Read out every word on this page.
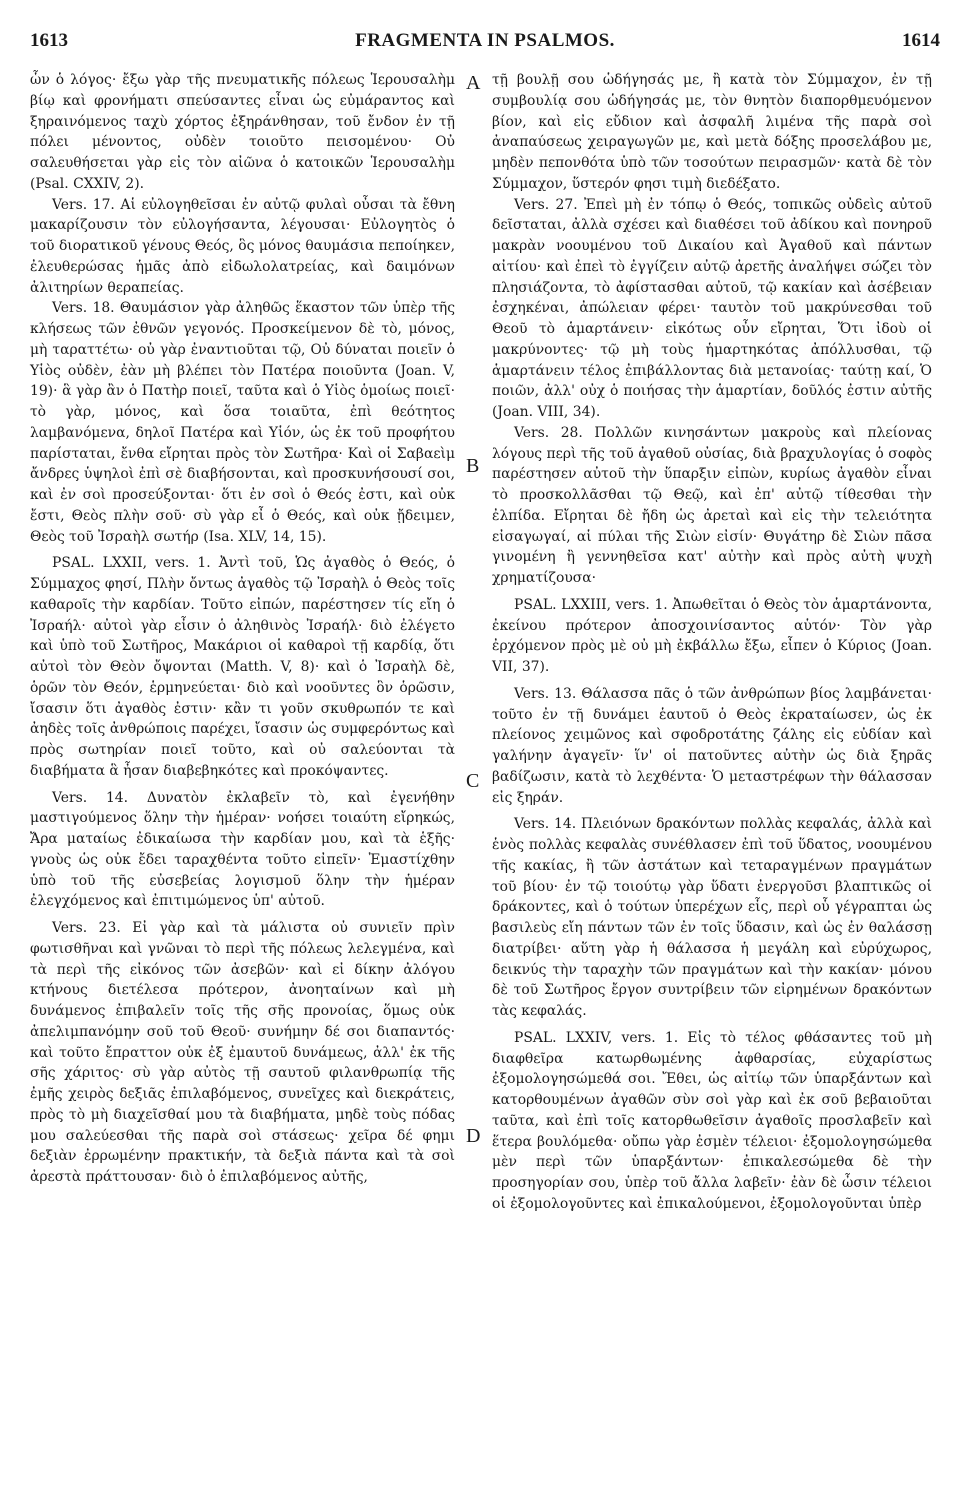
1613	FRAGMENTA IN PSALMOS.	1614
A
B
C
D

ὧν ὁ λόγος· ἔξω γὰρ τῆς πνευματικῆς πόλεως Ἱερουσαλὴμ βίῳ καὶ φρονήματι σπεύσαντες εἶναι ὡς εὐμάραντος καὶ ξηραινόμενος ταχὺ χόρτος ἐξηράνθησαν, τοῦ ἔνδον ἐν τῇ πόλει μένοντος, οὐδὲν τοιοῦτο πεισομένου· Οὐ σαλευθήσεται γὰρ εἰς τὸν αἰῶνα ὁ κατοικῶν Ἱερουσαλὴμ (Psal. CXXIV, 2).

Vers. 17. Αἱ εὐλογηθεῖσαι ἐν αὐτῷ φυλαὶ οὖσαι τὰ ἔθνη μακαρίζουσιν τὸν εὐλογήσαντα, λέγουσαι· Εὐλογητὸς ὁ τοῦ διορατικοῦ γένους Θεός, ὃς μόνος θαυμάσια πεποίηκεν, ἐλευθερώσας ἡμᾶς ἀπὸ εἰδωλολατρείας, καὶ δαιμόνων ἀλιτηρίων θεραπείας.

Vers. 18. Θαυμάσιον γὰρ ἀληθῶς ἕκαστον τῶν ὑπὲρ τῆς κλήσεως τῶν ἐθνῶν γεγονός. Προσκείμενον δὲ τὸ, μόνος, μὴ ταραττέτω· οὐ γὰρ ἐναντιοῦται τῷ, Οὐ δύναται ποιεῖν ὁ Υἱὸς οὐδὲν, ἐὰν μὴ βλέπει τὸν Πατέρα ποιοῦντα (Joan. V, 19)· ἃ γὰρ ἂν ὁ Πατὴρ ποιεῖ, ταῦτα καὶ ὁ Υἱὸς ὁμοίως ποιεῖ· τὸ γὰρ, μόνος, καὶ ὅσα τοιαῦτα, ἐπὶ θεότητος λαμβανόμενα, δηλοῖ Πατέρα καὶ Υἱόν, ὡς ἐκ τοῦ προφήτου παρίσταται, ἔνθα εἴρηται πρὸς τὸν Σωτῆρα· Καὶ οἱ Σαβαεὶμ ἄνδρες ὑψηλοὶ ἐπὶ σὲ διαβήσονται, καὶ προσκυνήσουσί σοι, καὶ ἐν σοὶ προσεύξονται· ὅτι ἐν σοὶ ὁ Θεός ἐστι, καὶ οὐκ ἔστι, Θεὸς πλὴν σοῦ· σὺ γὰρ εἶ ὁ Θεός, καὶ οὐκ ᾔδειμεν, Θεὸς τοῦ Ἰσραὴλ σωτήρ (Isa. XLV, 14, 15).

PSAL. LXXII, vers. 1. Ἀντὶ τοῦ, Ὡς ἀγαθὸς ὁ Θεός, ὁ Σύμμαχος φησί, Πλὴν ὄντως ἀγαθὸς τῷ Ἰσραὴλ ὁ Θεὸς τοῖς καθαροῖς τὴν καρδίαν. Τοῦτο εἰπών, παρέστησεν τίς εἴη ὁ Ἰσραήλ· αὐτοὶ γὰρ εἶσιν ὁ ἀληθινὸς Ἰσραήλ· διὸ ἐλέγετο καὶ ὑπὸ τοῦ Σωτῆρος, Μακάριοι οἱ καθαροὶ τῇ καρδίᾳ, ὅτι αὐτοὶ τὸν Θεὸν ὄψονται (Matth. V, 8)· καὶ ὁ Ἰσραὴλ δὲ, ὁρῶν τὸν Θεόν, ἑρμηνεύεται· διὸ καὶ νοοῦντες ὃν ὁρῶσιν, ἴσασιν ὅτι ἀγαθὸς ἐστιν· κἂν τι γοῦν σκυθρωπόν τε καὶ ἀηδὲς τοῖς ἀνθρώποις παρέχει, ἴσασιν ὡς συμφερόντως καὶ πρὸς σωτηρίαν ποιεῖ τοῦτο, καὶ οὐ σαλεύονται τὰ διαβήματα ἃ ἦσαν διαβεβηκότες καὶ προκόψαντες.

Vers. 14. Δυνατὸν ἐκλαβεῖν τὸ, καὶ ἐγενήθην μαστιγούμενος ὅλην τὴν ἡμέραν· νοήσει τοιαύτη εἴρηκώς, Ἄρα ματαίως ἐδικαίωσα τὴν καρδίαν μου, καὶ τὰ ἑξῆς· γνοὺς ὡς οὐκ ἔδει ταραχθέντα τοῦτο εἰπεῖν· Ἐμαστίχθην ὑπὸ τοῦ τῆς εὐσεβείας λογισμοῦ ὅλην τὴν ἡμέραν ἐλεγχόμενος καὶ ἐπιτιμώμενος ὑπ' αὐτοῦ.

Vers. 23. Εἰ γὰρ καὶ τὰ μάλιστα οὐ συνιεῖν πρὶν φωτισθῆναι καὶ γνῶναι τὸ περὶ τῆς πόλεως λελεγμένα, καὶ τὰ περὶ τῆς εἰκόνος τῶν ἀσεβῶν· καὶ εἰ δίκην ἀλόγου κτήνους διετέλεσα πρότερον, ἀνοηταίνων καὶ μὴ δυνάμενος ἐπιβαλεῖν τοῖς τῆς σῆς προνοίας, ὅμως οὐκ ἀπελιμπανόμην σοῦ τοῦ Θεοῦ· συνήμην δέ σοι διαπαντός· καὶ τοῦτο ἔπραττον οὐκ ἐξ ἐμαυτοῦ δυνάμεως, ἀλλ' ἐκ τῆς σῆς χάριτος· σὺ γὰρ αὐτὸς τῇ σαυτοῦ φιλανθρωπίᾳ τῆς ἐμῆς χειρὸς δεξιᾶς ἐπιλαβόμενος, συνεῖχες καὶ διεκράτεις, πρὸς τὸ μὴ διαχεῖσθαί μου τὰ διαβήματα, μηδὲ τοὺς πόδας μου σαλεύεσθαι τῆς παρὰ σοὶ στάσεως· χεῖρα δέ φημι δεξιὰν ἐρρωμένην πρακτικήν, τὰ δεξιὰ πάντα καὶ τὰ σοὶ ἀρεστὰ πράττουσαν· διὸ ὁ ἐπιλαβόμενος αὐτῆς,

τῇ βουλῇ σου ὡδήγησάς με, ἢ κατὰ τὸν Σύμμαχον, ἐν τῇ συμβουλίᾳ σου ὡδήγησάς με, τὸν θνητὸν διαπορθμευόμενον βίον, καὶ εἰς εὔδιον καὶ ἀσφαλῆ λιμένα τῆς παρὰ σοὶ ἀναπαύσεως χειραγωγῶν με, καὶ μετὰ δόξης προσελάβου με, μηδὲν πεπονθότα ὑπὸ τῶν τοσούτων πειρασμῶν· κατὰ δὲ τὸν Σύμμαχον, ὕστερόν φησι τιμὴ διεδέξατο.

Vers. 27. Ἐπεὶ μὴ ἐν τόπῳ ὁ Θεός, τοπικῶς οὐδεὶς αὐτοῦ δεῖσταται, ἀλλὰ σχέσει καὶ διαθέσει τοῦ ἀδίκου καὶ πονηροῦ μακρὰν νοουμένου τοῦ Δικαίου καὶ Ἀγαθοῦ καὶ πάντων αἰτίου· καὶ ἐπεὶ τὸ ἐγγίζειν αὐτῷ ἀρετῆς ἀναλήψει σώζει τὸν πλησιάζοντα, τὸ ἀφίστασθαι αὐτοῦ, τῷ κακίαν καὶ ἀσέβειαν ἐσχηκέναι, ἀπώλειαν φέρει· ταυτὸν τοῦ μακρύνεσθαι τοῦ Θεοῦ τὸ ἁμαρτάνειν· εἰκότως οὖν εἴρηται, Ὅτι ἰδοὺ οἱ μακρύνοντες· τῷ μὴ τοὺς ἡμαρτηκότας ἀπόλλυσθαι, τῷ ἁμαρτάνειν τέλος ἐπιβάλλοντας διὰ μετανοίας· ταύτῃ καί, Ὁ ποιῶν, ἀλλ' οὐχ ὁ ποιήσας τὴν ἁμαρτίαν, δοῦλός ἐστιν αὐτῆς (Joan. VIII, 34).

Vers. 28. Πολλῶν κινησάντων μακροὺς καὶ πλείονας λόγους περὶ τῆς τοῦ ἀγαθοῦ οὐσίας, διὰ βραχυλογίας ὁ σοφὸς παρέστησεν αὐτοῦ τὴν ὕπαρξιν εἰπὼν, κυρίως ἀγαθὸν εἶναι τὸ προσκολλᾶσθαι τῷ Θεῷ, καὶ ἐπ' αὐτῷ τίθεσθαι τὴν ἐλπίδα. Εἴρηται δὲ ἤδη ὡς ἀρεταὶ καὶ εἰς τὴν τελειότητα εἰσαγωγαί, αἱ πύλαι τῆς Σιὼν εἰσίν· Θυγάτηρ δὲ Σιὼν πᾶσα γινομένη ἢ γεννηθεῖσα κατ' αὐτὴν καὶ πρὸς αὐτὴ ψυχὴ χρηματίζουσα·

PSAL. LXXIII, vers. 1. Ἀπωθεῖται ὁ Θεὸς τὸν ἁμαρτάνοντα, ἐκείνου πρότερον ἀποσχοινίσαντος αὑτόν· Τὸν γὰρ ἐρχόμενον πρὸς μὲ οὐ μὴ ἐκβάλλω ἔξω, εἶπεν ὁ Κύριος (Joan. VII, 37).

Vers. 13. Θάλασσα πᾶς ὁ τῶν ἀνθρώπων βίος λαμβάνεται· τοῦτο ἐν τῇ δυνάμει ἑαυτοῦ ὁ Θεὸς ἐκραταίωσεν, ὡς ἐκ πλείονος χειμῶνος καὶ σφοδροτάτης ζάλης εἰς εὐδίαν καὶ γαλήνην ἀγαγεῖν· ἵν' οἱ πατοῦντες αὐτὴν ὡς διὰ ξηρᾶς βαδίζωσιν, κατὰ τὸ λεχθέντα· Ὁ μεταστρέφων τὴν θάλασσαν εἰς ξηράν.

Vers. 14. Πλειόνων δρακόντων πολλὰς κεφαλάς, ἀλλὰ καὶ ἑνὸς πολλὰς κεφαλὰς συνέθλασεν ἐπὶ τοῦ ὕδατος, νοουμένου τῆς κακίας, ἢ τῶν ἀστάτων καὶ τεταραγμένων πραγμάτων τοῦ βίου· ἐν τῷ τοιούτῳ γὰρ ὕδατι ἐνεργοῦσι βλαπτικῶς οἱ δράκοντες, καὶ ὁ τούτων ὑπερέχων εἷς, περὶ οὗ γέγραπται ὡς βασιλεὺς εἴη πάντων τῶν ἐν τοῖς ὕδασιν, καὶ ὡς ἐν θαλάσσῃ διατρίβει· αὕτη γὰρ ἡ θάλασσα ἡ μεγάλη καὶ εὐρύχωρος, δεικνύς τὴν ταραχὴν τῶν πραγμάτων καὶ τὴν κακίαν· μόνου δὲ τοῦ Σωτῆρος ἔργον συντρίβειν τῶν εἰρημένων δρακόντων τὰς κεφαλάς.

PSAL. LXXIV, vers. 1. Εἰς τὸ τέλος φθάσαντες τοῦ μὴ διαφθεῖρα κατωρθωμένης ἀφθαρσίας, εὐχαρίστως ἐξομολογησώμεθά σοι. Ἔθει, ὡς αἰτίῳ τῶν ὑπαρξάντων καὶ κατορθουμένων ἀγαθῶν σὺν σοὶ γὰρ καὶ ἐκ σοῦ βεβαιοῦται ταῦτα, καὶ ἐπὶ τοῖς κατορθωθεῖσιν ἀγαθοῖς προσλαβεῖν καὶ ἕτερα βουλόμεθα· οὔπω γὰρ ἐσμὲν τέλειοι· ἐξομολογησώμεθα μὲν περὶ τῶν ὑπαρξάντων· ἐπικαλεσώμεθα δὲ τὴν προσηγορίαν σου, ὑπὲρ τοῦ ἄλλα λαβεῖν· ἐὰν δὲ ὦσιν τέλειοι οἱ ἐξομολογοῦντες καὶ ἐπικαλούμενοι, ἐξομολογοῦνται ὑπὲρ
